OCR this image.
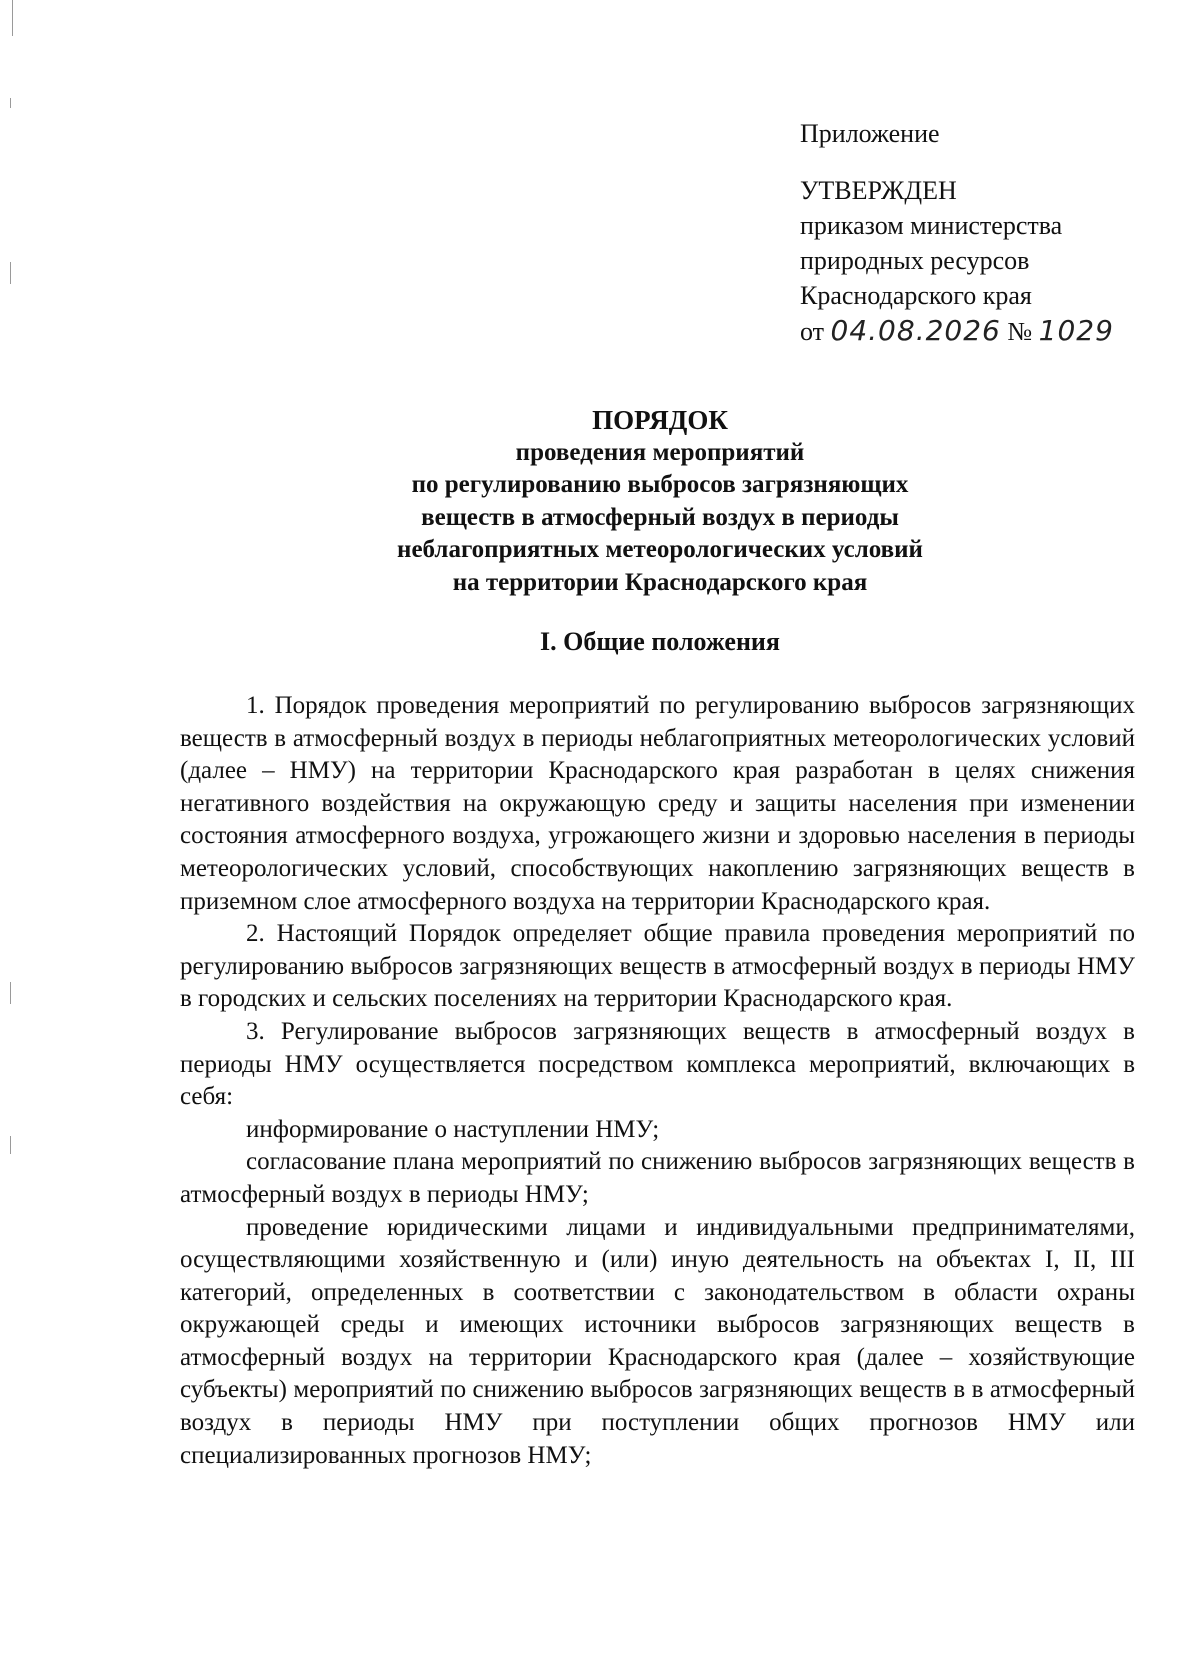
Приложение
УТВЕРЖДЕН
приказом министерства
природных ресурсов
Краснодарского края
от 04.08.2026 № 1029
ПОРЯДОК
проведения мероприятий
по регулированию выбросов загрязняющих
веществ в атмосферный воздух в периоды
неблагоприятных метеорологических условий
на территории Краснодарского края
I. Общие положения

1. Порядок проведения мероприятий по регулированию выбросов загрязняющих веществ в атмосферный воздух в периоды неблагоприятных метеорологических условий (далее – НМУ) на территории Краснодарского края разработан в целях снижения негативного воздействия на окружающую среду и защиты населения при изменении состояния атмосферного воздуха, угрожающего жизни и здоровью населения в периоды метеорологических условий, способствующих накоплению загрязняющих веществ в приземном слое атмосферного воздуха на территории Краснодарского края.

2. Настоящий Порядок определяет общие правила проведения мероприятий по регулированию выбросов загрязняющих веществ в атмосферный воздух в периоды НМУ в городских и сельских поселениях на территории Краснодарского края.

3. Регулирование выбросов загрязняющих веществ в атмосферный воздух в периоды НМУ осуществляется посредством комплекса мероприятий, включающих в себя:

информирование о наступлении НМУ;

согласование плана мероприятий по снижению выбросов загрязняющих веществ в атмосферный воздух в периоды НМУ;

проведение юридическими лицами и индивидуальными предпринимателями, осуществляющими хозяйственную и (или) иную деятельность на объектах I, II, III категорий, определенных в соответствии с законодательством в области охраны окружающей среды и имеющих источники выбросов загрязняющих веществ в атмосферный воздух на территории Краснодарского края (далее – хозяйствующие субъекты) мероприятий по снижению выбросов загрязняющих веществ в в атмосферный воздух в периоды НМУ при поступлении общих прогнозов НМУ или специализированных прогнозов НМУ;
